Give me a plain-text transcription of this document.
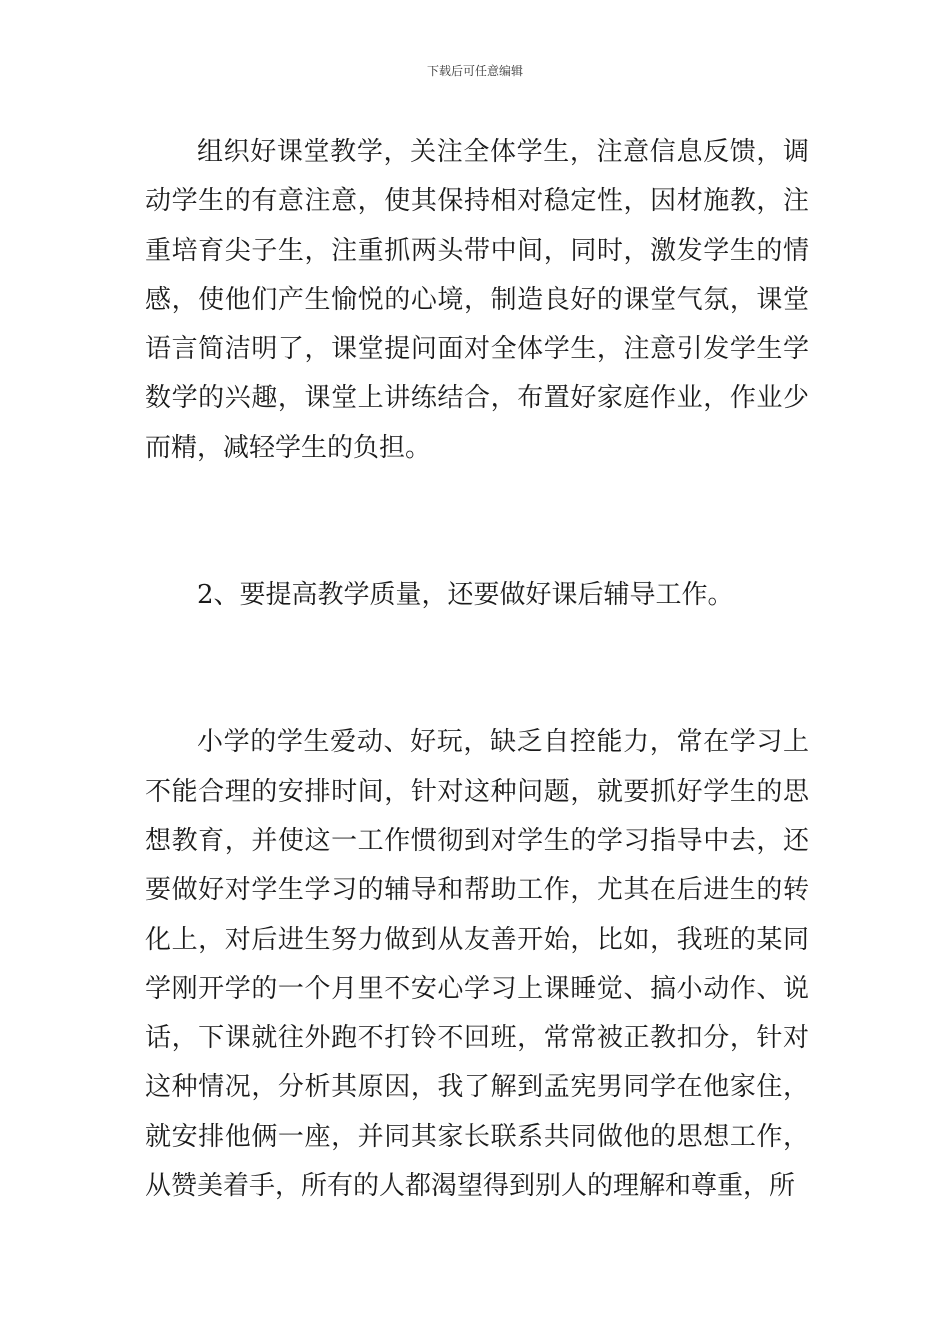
下载后可任意编辑

组织好课堂教学，关注全体学生，注意信息反馈，调动学生的有意注意，使其保持相对稳定性，因材施教，注重培育尖子生，注重抓两头带中间，同时，激发学生的情感，使他们产生愉悦的心境，制造良好的课堂气氛，课堂语言简洁明了，课堂提问面对全体学生，注意引发学生学数学的兴趣，课堂上讲练结合，布置好家庭作业，作业少而精，减轻学生的负担。

2、要提高教学质量，还要做好课后辅导工作。

小学的学生爱动、好玩，缺乏自控能力，常在学习上不能合理的安排时间，针对这种问题，就要抓好学生的思想教育，并使这一工作惯彻到对学生的学习指导中去，还要做好对学生学习的辅导和帮助工作，尤其在后进生的转化上，对后进生努力做到从友善开始，比如，我班的某同学刚开学的一个月里不安心学习上课睡觉、搞小动作、说话，下课就往外跑不打铃不回班，常常被正教扣分，针对这种情况，分析其原因，我了解到孟宪男同学在他家住，就安排他俩一座，并同其家长联系共同做他的思想工作，从赞美着手，所有的人都渴望得到别人的理解和尊重，所
